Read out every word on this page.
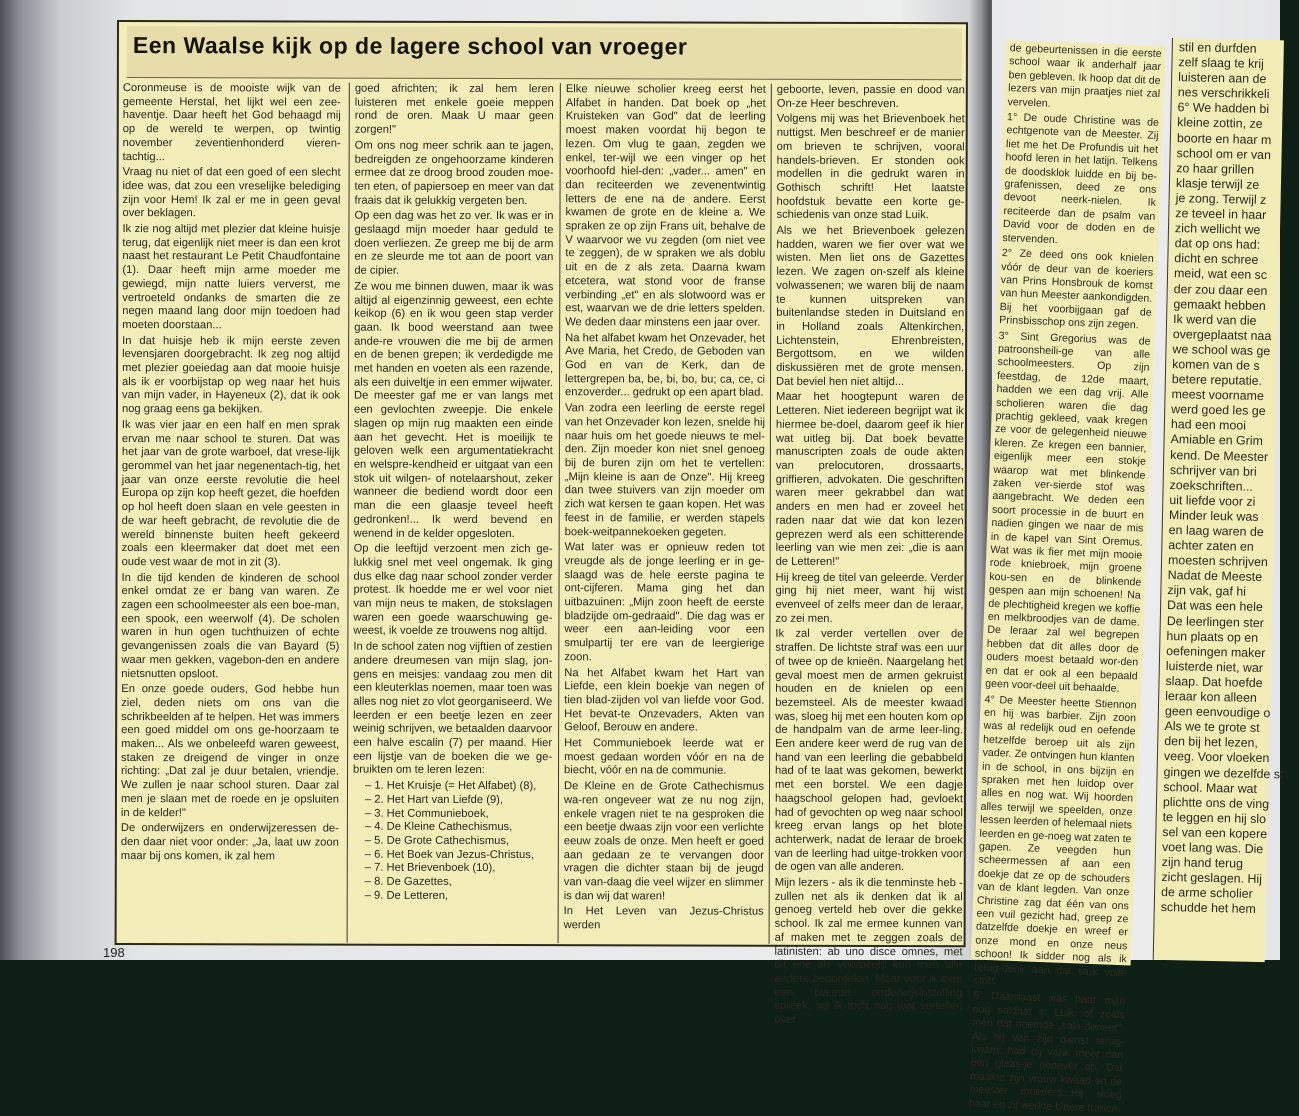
Een Waalse kijk op de lagere school van vroeger

Coronmeuse is de mooiste wijk van de gemeente Herstal, het lijkt wel een zee-haventje. Daar heeft het God behaagd mij op de wereld te werpen, op twintig november zeventienhonderd vieren-tachtig...

Vraag nu niet of dat een goed of een slecht idee was, dat zou een vreselijke belediging zijn voor Hem! Ik zal er me in geen geval over beklagen.

Ik zie nog altijd met plezier dat kleine huisje terug, dat eigenlijk niet meer is dan een krot naast het restaurant Le Petit Chaudfontaine (1). Daar heeft mijn arme moeder me gewiegd, mijn natte luiers ververst, me vertroeteld ondanks de smarten die ze negen maand lang door mijn toedoen had moeten doorstaan...

In dat huisje heb ik mijn eerste zeven levensjaren doorgebracht. Ik zeg nog altijd met plezier goeiedag aan dat mooie huisje als ik er voorbijstap op weg naar het huis van mijn vader, in Hayeneux (2), dat ik ook nog graag eens ga bekijken.

Ik was vier jaar en een half en men sprak ervan me naar school te sturen. Dat was het jaar van de grote warboel, dat vrese-lijk gerommel van het jaar negenentach-tig, het jaar van onze eerste revolutie die heel Europa op zijn kop heeft gezet, die hoefden op hol heeft doen slaan en vele geesten in de war heeft gebracht, de revolutie die de wereld binnenste buiten heeft gekeerd zoals een kleermaker dat doet met een oude vest waar de mot in zit (3).

In die tijd kenden de kinderen de school enkel omdat ze er bang van waren. Ze zagen een schoolmeester als een boe-man, een spook, een weerwolf (4). De scholen waren in hun ogen tuchthuizen of echte gevangenissen zoals die van Bayard (5) waar men gekken, vagebon-den en andere nietsnutten opsloot.

En onze goede ouders, God hebbe hun ziel, deden niets om ons van die schrikbeelden af te helpen. Het was immers een goed middel om ons ge-hoorzaam te maken... Als we onbeleefd waren geweest, staken ze dreigend de vinger in onze richting: „Dat zal je duur betalen, vriendje. We zullen je naar school sturen. Daar zal men je slaan met de roede en je opsluiten in de kelder!"

De onderwijzers en onderwijzeressen de-den daar niet voor onder: „Ja, laat uw zoon maar bij ons komen, ik zal hem

goed africhten; ik zal hem leren luisteren met enkele goeie meppen rond de oren. Maak U maar geen zorgen!"

Om ons nog meer schrik aan te jagen, bedreigden ze ongehoorzame kinderen ermee dat ze droog brood zouden moe-ten eten, of papiersoep en meer van dat fraais dat ik gelukkig vergeten ben.

Op een dag was het zo ver. Ik was er in geslaagd mijn moeder haar geduld te doen verliezen. Ze greep me bij de arm en ze sleurde me tot aan de poort van de cipier.

Ze wou me binnen duwen, maar ik was altijd al eigenzinnig geweest, een echte keikop (6) en ik wou geen stap verder gaan. Ik bood weerstand aan twee ande-re vrouwen die me bij de armen en de benen grepen; ik verdedigde me met handen en voeten als een razende, als een duiveltje in een emmer wijwater. De meester gaf me er van langs met een gevlochten zweepje. Die enkele slagen op mijn rug maakten een einde aan het gevecht. Het is moeilijk te geloven welk een argumentatiekracht en welspre-kendheid er uitgaat van een stok uit wilgen- of notelaarshout, zeker wanneer die bediend wordt door een man die een glaasje teveel heeft gedronken!... Ik werd bevend en wenend in de kelder opgesloten.

Op die leeftijd verzoent men zich ge-lukkig snel met veel ongemak. Ik ging dus elke dag naar school zonder verder protest. Ik hoedde me er wel voor niet van mijn neus te maken, de stokslagen waren een goede waarschuwing ge-weest, ik voelde ze trouwens nog altijd.

In de school zaten nog vijftien of zestien andere dreumesen van mijn slag, jon-gens en meisjes: vandaag zou men dit een kleuterklas noemen, maar toen was alles nog niet zo vlot georganiseerd. We leerden er een beetje lezen en zeer weinig schrijven, we betaalden daarvoor een halve escalin (7) per maand. Hier een lijstje van de boeken die we ge-bruikten om te leren lezen:

– 1. Het Kruisje (= Het Alfabet) (8),
– 2. Het Hart van Liefde (9),
– 3. Het Communieboek,
– 4. De Kleine Cathechismus,
– 5. De Grote Cathechismus,
– 6. Het Boek van Jezus-Christus,
– 7. Het Brievenboek (10),
– 8. De Gazettes,
– 9. De Letteren,

Elke nieuwe scholier kreeg eerst het Alfabet in handen. Dat boek op „het Kruisteken van God" dat de leerling moest maken voordat hij begon te lezen. Om vlug te gaan, zegden we enkel, ter-wijl we een vinger op het voorhoofd hiel-den: „vader... amen" en dan reciteerden we zevenentwintig letters de ene na de andere. Eerst kwamen de grote en de kleine a. We spraken ze op zijn Frans uit, behalve de V waarvoor we vu zegden (om niet vee te zeggen), de w spraken we als doblu uit en de z als zeta. Daarna kwam etcetera, wat stond voor de franse verbinding „et" en als slotwoord was er est, waarvan we de drie letters spelden. We deden daar minstens een jaar over.

Na het alfabet kwam het Onzevader, het Ave Maria, het Credo, de Geboden van God en van de Kerk, dan de lettergrepen ba, be, bi, bo, bu; ca, ce, ci enzoverder... gedrukt op een apart blad.

Van zodra een leerling de eerste regel van het Onzevader kon lezen, snelde hij naar huis om het goede nieuws te mel-den. Zijn moeder kon niet snel genoeg bij de buren zijn om het te vertellen: „Mijn kleine is aan de Onze". Hij kreeg dan twee stuivers van zijn moeder om zich wat kersen te gaan kopen. Het was feest in de familie, er werden stapels boek-weitpannekoeken gegeten.

Wat later was er opnieuw reden tot vreugde als de jonge leerling er in ge-slaagd was de hele eerste pagina te ont-cijferen. Mama ging het dan uitbazuinen: „Mijn zoon heeft de eerste bladzijde om-gedraaid". Die dag was er weer een aan-leiding voor een smulpartij ter ere van de leergierige zoon.

Na het Alfabet kwam het Hart van Liefde, een klein boekje van negen of tien blad-zijden vol van liefde voor God. Het bevat-te Onzevaders, Akten van Geloof, Berouw en andere.

Het Communieboek leerde wat er moest gedaan worden vóór en na de biecht, vóór en na de communie.

De Kleine en de Grote Cathechismus wa-ren ongeveer wat ze nu nog zijn, enkele vragen niet te na gesproken die een beetje dwaas zijn voor een verlichte eeuw zoals de onze. Men heeft er goed aan gedaan ze te vervangen door vragen die dichter staan bij de jeugd van van-daag die veel wijzer en slimmer is dan wij dat waren!

In Het Leven van Jezus-Christus werden

geboorte, leven, passie en dood van On-ze Heer beschreven.

Volgens mij was het Brievenboek het nuttigst. Men beschreef er de manier om brieven te schrijven, vooral handels-brieven. Er stonden ook modellen in die gedrukt waren in Gothisch schrift! Het laatste hoofdstuk bevatte een korte ge-schiedenis van onze stad Luik.

Als we het Brievenboek gelezen hadden, waren we fier over wat we wisten. Men liet ons de Gazettes lezen. We zagen on-szelf als kleine volwassenen; we waren blij de naam te kunnen uitspreken van buitenlandse steden in Duitsland en in Holland zoals Altenkirchen, Lichtenstein, Ehrenbreisten, Bergottsom, en we wilden diskussiëren met de grote mensen. Dat beviel hen niet altijd...

Maar het hoogtepunt waren de Letteren. Niet iedereen begrijpt wat ik hiermee be-doel, daarom geef ik hier wat uitleg bij. Dat boek bevatte manuscripten zoals de oude akten van prelocutoren, drossaarts, griffieren, advokaten. Die geschriften waren meer gekrabbel dan wat anders en men had er zoveel het raden naar dat wie dat kon lezen geprezen werd als een schitterende leerling van wie men zei: „die is aan de Letteren!"

Hij kreeg de titel van geleerde. Verder ging hij niet meer, want hij wist evenveel of zelfs meer dan de leraar, zo zei men.

Ik zal verder vertellen over de straffen. De lichtste straf was een uur of twee op de knieën. Naargelang het geval moest men de armen gekruist houden en de knielen op een bezemsteel. Als de meester kwaad was, sloeg hij met een houten kom op de handpalm van de arme leer-ling. Een andere keer werd de rug van de hand van een leerling die gebabbeld had of te laat was gekomen, bewerkt met een borstel. We een dagje haagschool gelopen had, gevloekt had of gevochten op weg naar school kreeg ervan langs op het blote achterwerk, nadat de leraar de broek van de leerling had uitge-trokken voor de ogen van alle anderen.

Mijn lezers - als ik die tenminste heb - zullen net als ik denken dat ik al genoeg verteld heb over die gekke school. Ik zal me ermee kunnen van af maken met te zeggen zoals de latinisten: ab uno disce omnes, met dit ene als voorbeeld kun men alle andere beoordelen. Maar voor ik over een tweede onderwijsinstelling spreek, wil ik toch nog wat vertellen over

198

de gebeurtenissen in die eerste school waar ik anderhalf jaar ben gebleven. Ik hoop dat dit de lezers van mijn praatjes niet zal vervelen.

1° De oude Christine was de echtgenote van de Meester. Zij liet me het De Profundis uit het hoofd leren in het latijn. Telkens de doodsklok luidde en bij be-grafenissen, deed ze ons devoot neerk-nielen. Ik reciteerde dan de psalm van David voor de doden en de stervenden.

2° Ze deed ons ook knielen vóór de deur van de koeriers van Prins Honsbrouk de komst van hun Meester aankondigden. Bij het voorbijgaan gaf de Prinsbisschop ons zijn zegen.

3° Sint Gregorius was de patroonsheili-ge van alle schoolmeesters. Op zijn feestdag, de 12de maart, hadden we een dag vrij. Alle scholieren waren die dag prachtig gekleed, vaak kregen ze voor de gelegenheid nieuwe kleren. Ze kregen een bannier, eigenlijk meer een stokje waarop wat met blinkende zaken ver-sierde stof was aangebracht. We deden een soort processie in de buurt en nadien gingen we naar de mis in de kapel van Sint Oremus. Wat was ik fier met mijn mooie rode kniebroek, mijn groene kou-sen en de blinkende gespen aan mijn schoenen! Na de plechtigheid kregen we koffie en melkbroodjes van de dame. De leraar zal wel begrepen hebben dat dit alles door de ouders moest betaald wor-den en dat er ook al een bepaald geen voor-deel uit behaalde.

4° De Meester heette Stiennon en hij was barbier. Zijn zoon was al redelijk oud en oefende hetzelfde beroep uit als zijn vader. Ze ontvingen hun klanten in de school, in ons bijzijn en spraken met hen luidop over alles en nog wat. Wij hoorden alles terwijl we speelden, onze lessen leerden of helemaal niets leerden en ge-noeg wat zaten te gapen. Ze veegden hun scheermessen af aan een doekje dat ze op de schouders van de klant legden. Van onze Christine zag dat één van ons een vuil gezicht had, greep ze datzelfde doekje en wreef er onze mond en onze neus schoon! Ik sidder nog als ik terug-denk aan dat stuk vuile stof!

5° Daarnaast was haar man nog soldaat in Luik, of zoals men dat noemde „sala-deneer". Als hij van zijn dienst terug-kwam, had hij vaak meer dan één glaas-je genever op. Dat maakte zijn vrouw kwaad en de meester moeders...Hij sloeg haar en zij werkte bittere tranen.

stil en durfden
zelf slaag te krij
luisteren aan de
nes verschrikkeli
6° We hadden bi
kleine zottin, ze
boorte en haar m
school om er van
zo haar grillen
klasje terwijl ze
je zong. Terwijl z
ze teveel in haar
zich wellicht we
dat op ons had:
dicht en schree
meid, wat een sc
der zou daar een
gemaakt hebben
Ik werd van die
overgeplaatst naa
we school was ge
komen van de s
betere reputatie.
meest voorname
werd goed les ge
had een mooi
Amiable en Grim
kend. De Meester
schrijver van bri
zoekschriften...
uit liefde voor zi
Minder leuk was
en laag waren de
achter zaten en
moesten schrijven
Nadat de Meeste
zijn vak, gaf hi
Dat was een hele
De leerlingen ster
hun plaats op en
oefeningen maker
luisterde niet, war
slaap. Dat hoefde
leraar kon alleen
geen eenvoudige o
Als we te grote st
den bij het lezen,
veeg. Voor vloeken
gingen we dezelfde st
school. Maar wat
plichtte ons de ving
te leggen en hij slo
sel van een kopere
voet lang was. Die
zijn hand terug
zicht geslagen. Hij
de arme scholier
schudde het hem
